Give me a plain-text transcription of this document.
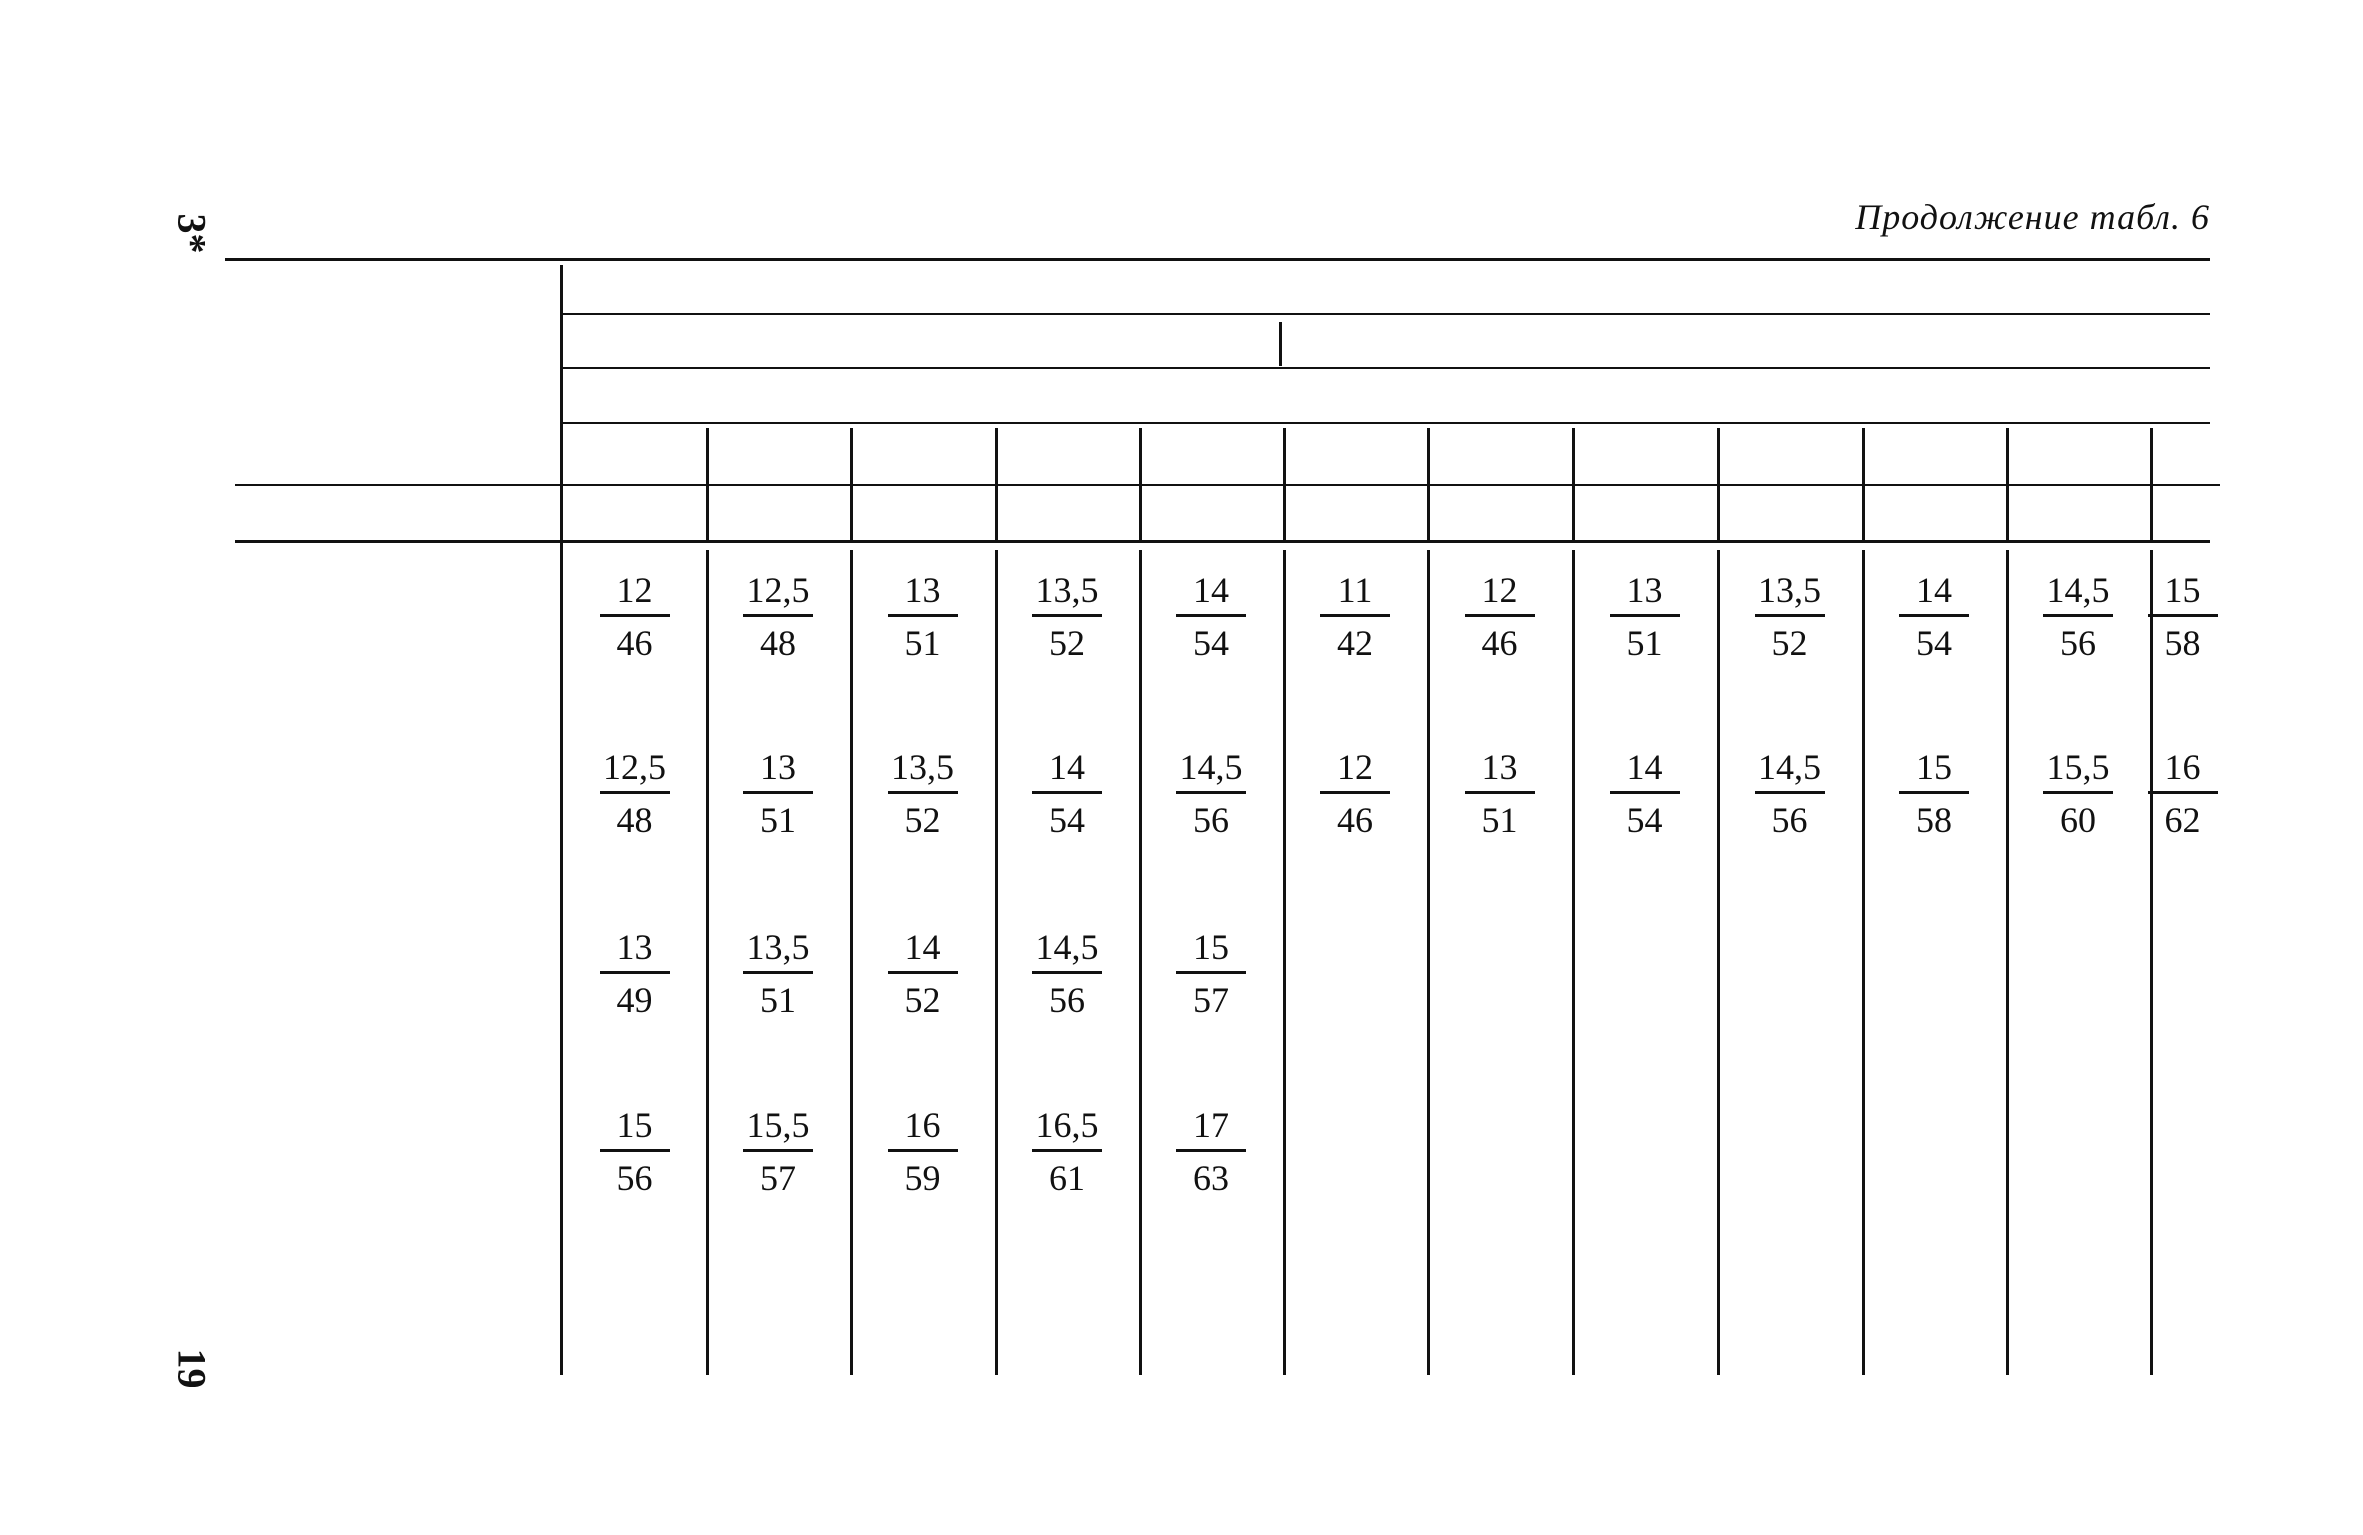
3*
19
Продолжение табл. 6
12
46
12,5
48
13
51
13,5
52
14
54
11
42
12
46
13
51
13,5
52
14
54
14,5
56
15
58
12,5
48
13
51
13,5
52
14
54
14,5
56
12
46
13
51
14
54
14,5
56
15
58
15,5
60
16
62
13
49
13,5
51
14
52
14,5
56
15
57
15
56
15,5
57
16
59
16,5
61
17
63
